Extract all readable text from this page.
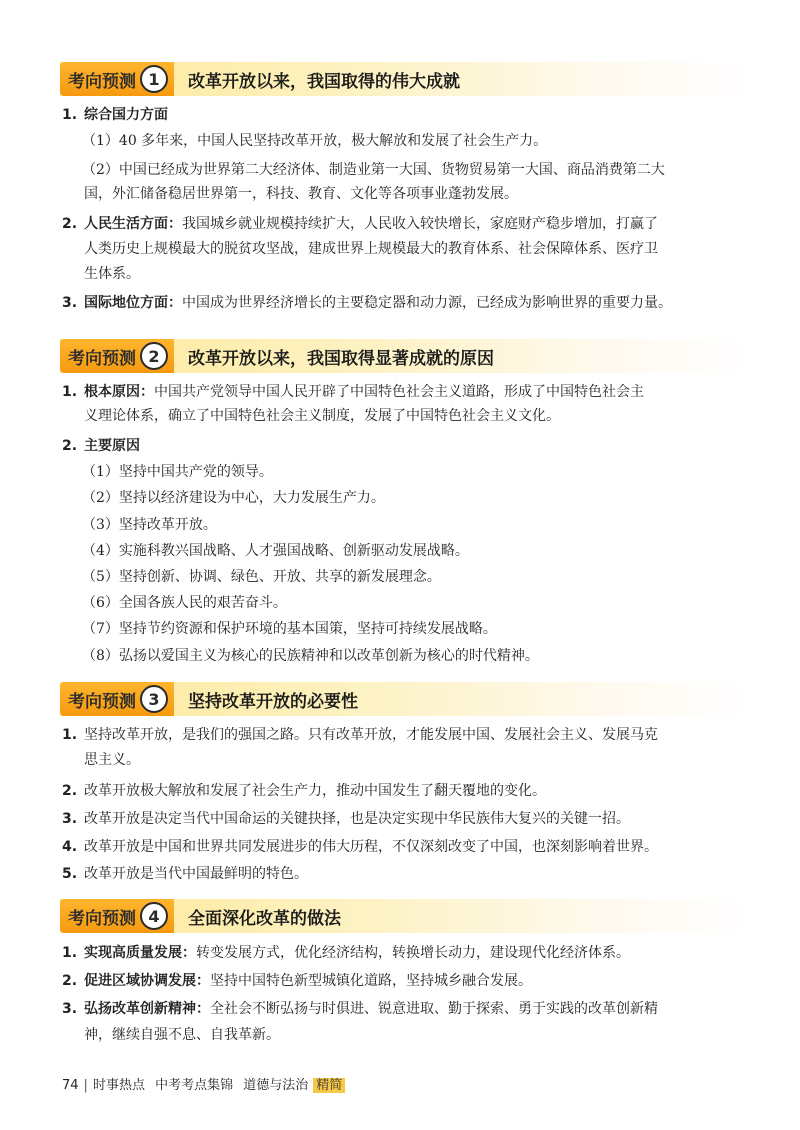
考向预测 1	改革开放以来，我国取得的伟大成就
1. 综合国力方面
（1）40 多年来，中国人民坚持改革开放，极大解放和发展了社会生产力。
（2）中国已经成为世界第二大经济体、制造业第一大国、货物贸易第一大国、商品消费第二大
国，外汇储备稳居世界第一，科技、教育、文化等各项事业蓬勃发展。
2. 人民生活方面：我国城乡就业规模持续扩大，人民收入较快增长，家庭财产稳步增加，打赢了
人类历史上规模最大的脱贫攻坚战，建成世界上规模最大的教育体系、社会保障体系、医疗卫
生体系。
3. 国际地位方面：中国成为世界经济增长的主要稳定器和动力源，已经成为影响世界的重要力量。
考向预测 2	改革开放以来，我国取得显著成就的原因
1. 根本原因：中国共产党领导中国人民开辟了中国特色社会主义道路，形成了中国特色社会主
义理论体系，确立了中国特色社会主义制度，发展了中国特色社会主义文化。
2. 主要原因
（1）坚持中国共产党的领导。
（2）坚持以经济建设为中心，大力发展生产力。
（3）坚持改革开放。
（4）实施科教兴国战略、人才强国战略、创新驱动发展战略。
（5）坚持创新、协调、绿色、开放、共享的新发展理念。
（6）全国各族人民的艰苦奋斗。
（7）坚持节约资源和保护环境的基本国策，坚持可持续发展战略。
（8）弘扬以爱国主义为核心的民族精神和以改革创新为核心的时代精神。
考向预测 3	坚持改革开放的必要性
1. 坚持改革开放，是我们的强国之路。只有改革开放，才能发展中国、发展社会主义、发展马克
思主义。
2. 改革开放极大解放和发展了社会生产力，推动中国发生了翻天覆地的变化。
3. 改革开放是决定当代中国命运的关键抉择，也是决定实现中华民族伟大复兴的关键一招。
4. 改革开放是中国和世界共同发展进步的伟大历程，不仅深刻改变了中国，也深刻影响着世界。
5. 改革开放是当代中国最鲜明的特色。
考向预测 4	全面深化改革的做法
1. 实现高质量发展：转变发展方式，优化经济结构，转换增长动力，建设现代化经济体系。
2. 促进区域协调发展：坚持中国特色新型城镇化道路，坚持城乡融合发展。
3. 弘扬改革创新精神：全社会不断弘扬与时俱进、锐意进取、勤于探索、勇于实践的改革创新精
神，继续自强不息、自我革新。
74 | 时事热点 中考考点集锦 道德与法治 精简
